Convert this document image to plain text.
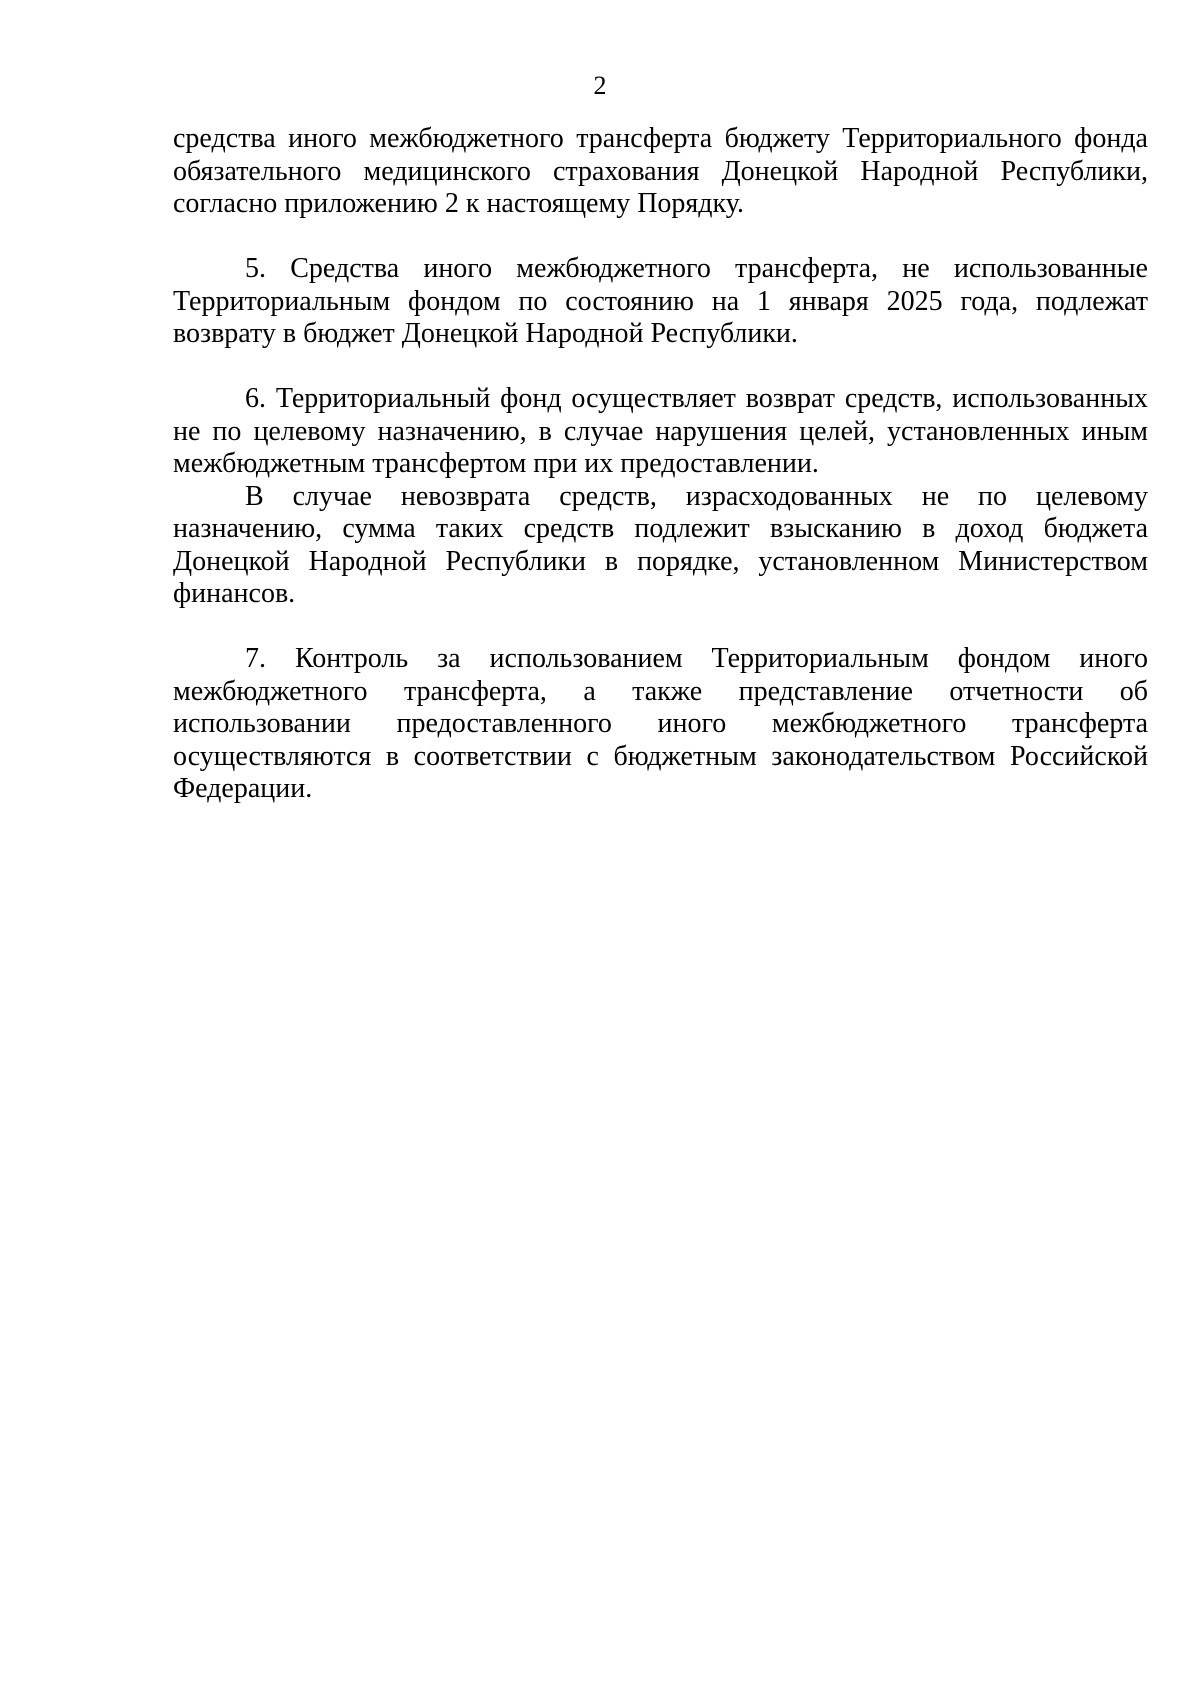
2

средства иного межбюджетного трансферта бюджету Территориального фонда обязательного медицинского страхования Донецкой Народной Республики, согласно приложению 2 к настоящему Порядку.

5. Средства иного межбюджетного трансферта, не использованные Территориальным фондом по состоянию на 1 января 2025 года, подлежат возврату в бюджет Донецкой Народной Республики.

6. Территориальный фонд осуществляет возврат средств, использованных не по целевому назначению, в случае нарушения целей, установленных иным межбюджетным трансфертом при их предоставлении.

В случае невозврата средств, израсходованных не по целевому назначению, сумма таких средств подлежит взысканию в доход бюджета Донецкой Народной Республики в порядке, установленном Министерством финансов.

7. Контроль за использованием Территориальным фондом иного межбюджетного трансферта, а также представление отчетности об использовании предоставленного иного межбюджетного трансферта осуществляются в соответствии с бюджетным законодательством Российской Федерации.
